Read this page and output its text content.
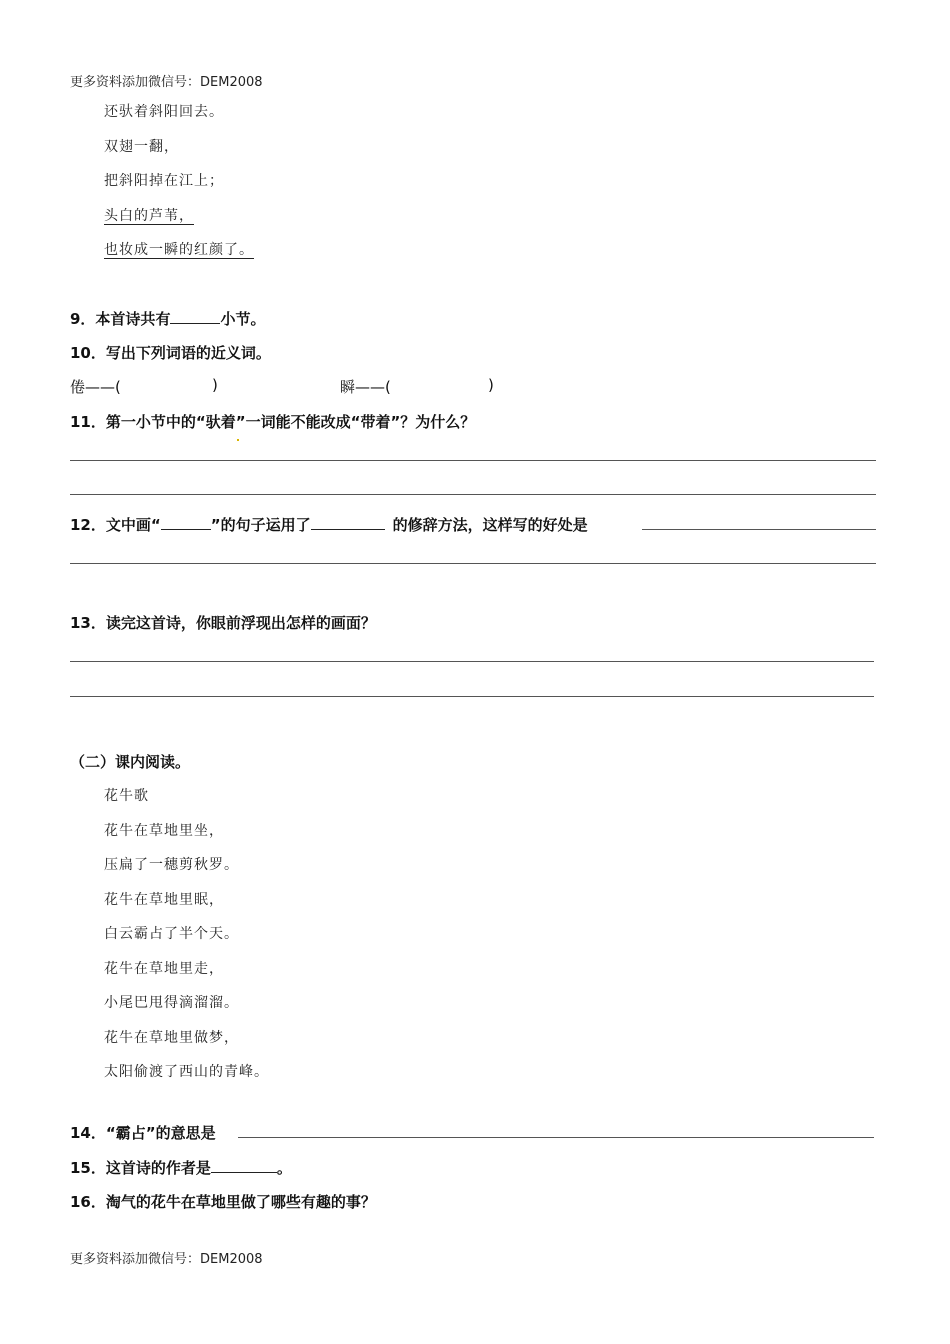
更多资料添加微信号：DEM2008
还驮着斜阳回去。
双翅一翻，
把斜阳掉在江上；
头白的芦苇，
也妆成一瞬的红颜了。
9．本首诗共有	小节。
10．写出下列词语的近义词。
倦——(	)	瞬——(	)
11．第一小节中的“驮着”一词能不能改成“带着”？为什么？
12．文中画“	”的句子运用了	的修辞方法，这样写的好处是
13．读完这首诗，你眼前浮现出怎样的画面？
（二）课内阅读。
花牛歌
花牛在草地里坐，
压扁了一穗剪秋罗。
花牛在草地里眠，
白云霸占了半个天。
花牛在草地里走，
小尾巴甩得滴溜溜。
花牛在草地里做梦，
太阳偷渡了西山的青峰。
14．“霸占”的意思是
15．这首诗的作者是	。
16．淘气的花牛在草地里做了哪些有趣的事？
更多资料添加微信号：DEM2008
